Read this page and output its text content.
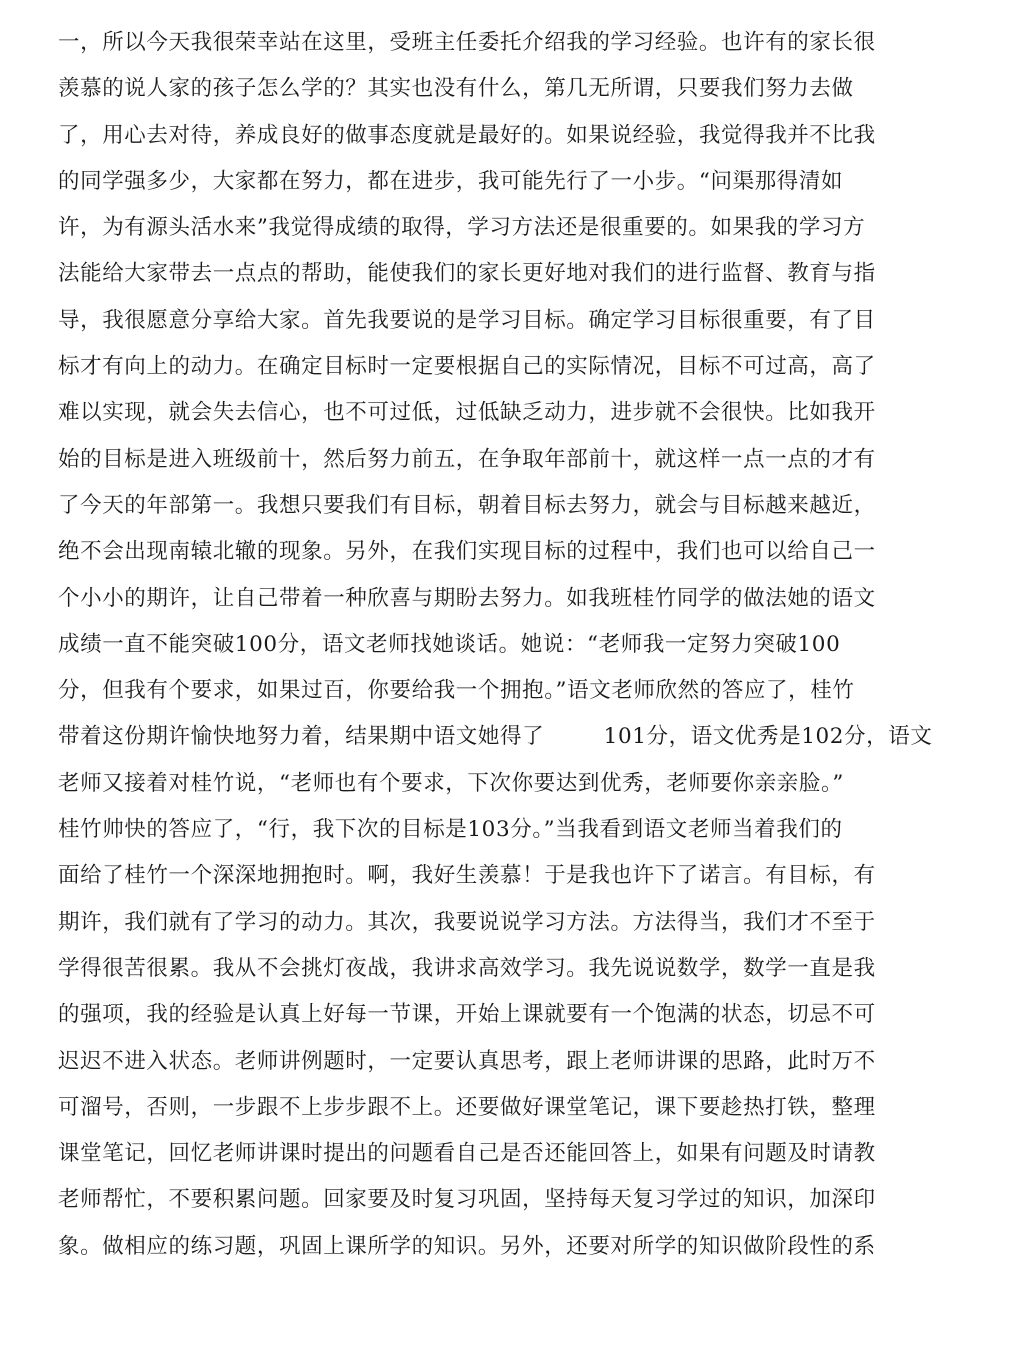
一，所以今天我很荣幸站在这里，受班主任委托介绍我的学习经验。也许有的家长很
羡慕的说人家的孩子怎么学的？其实也没有什么，第几无所谓，只要我们努力去做
了，用心去对待，养成良好的做事态度就是最好的。如果说经验，我觉得我并不比我
的同学强多少，大家都在努力，都在进步，我可能先行了一小步。“问渠那得清如
许，为有源头活水来”我觉得成绩的取得，学习方法还是很重要的。如果我的学习方
法能给大家带去一点点的帮助，能使我们的家长更好地对我们的进行监督、教育与指
导，我很愿意分享给大家。首先我要说的是学习目标。确定学习目标很重要，有了目
标才有向上的动力。在确定目标时一定要根据自己的实际情况，目标不可过高，高了
难以实现，就会失去信心，也不可过低，过低缺乏动力，进步就不会很快。比如我开
始的目标是进入班级前十，然后努力前五，在争取年部前十，就这样一点一点的才有
了今天的年部第一。我想只要我们有目标，朝着目标去努力，就会与目标越来越近，
绝不会出现南辕北辙的现象。另外，在我们实现目标的过程中，我们也可以给自己一
个小小的期许，让自己带着一种欣喜与期盼去努力。如我班桂竹同学的做法她的语文
成绩一直不能突破100分，语文老师找她谈话。她说：“老师我一定努力突破100
分，但我有个要求，如果过百，你要给我一个拥抱。”语文老师欣然的答应了，桂竹
带着这份期许愉快地努力着，结果期中语文她得了        101分，语文优秀是102分，语文
老师又接着对桂竹说，“老师也有个要求，下次你要达到优秀，老师要你亲亲脸。”
桂竹帅快的答应了，“行，我下次的目标是103分。”当我看到语文老师当着我们的
面给了桂竹一个深深地拥抱时。啊，我好生羡慕！于是我也许下了诺言。有目标，有
期许，我们就有了学习的动力。其次，我要说说学习方法。方法得当，我们才不至于
学得很苦很累。我从不会挑灯夜战，我讲求高效学习。我先说说数学，数学一直是我
的强项，我的经验是认真上好每一节课，开始上课就要有一个饱满的状态，切忌不可
迟迟不进入状态。老师讲例题时，一定要认真思考，跟上老师讲课的思路，此时万不
可溜号，否则，一步跟不上步步跟不上。还要做好课堂笔记，课下要趁热打铁，整理
课堂笔记，回忆老师讲课时提出的问题看自己是否还能回答上，如果有问题及时请教
老师帮忙，不要积累问题。回家要及时复习巩固，坚持每天复习学过的知识，加深印
象。做相应的练习题，巩固上课所学的知识。另外，还要对所学的知识做阶段性的系
